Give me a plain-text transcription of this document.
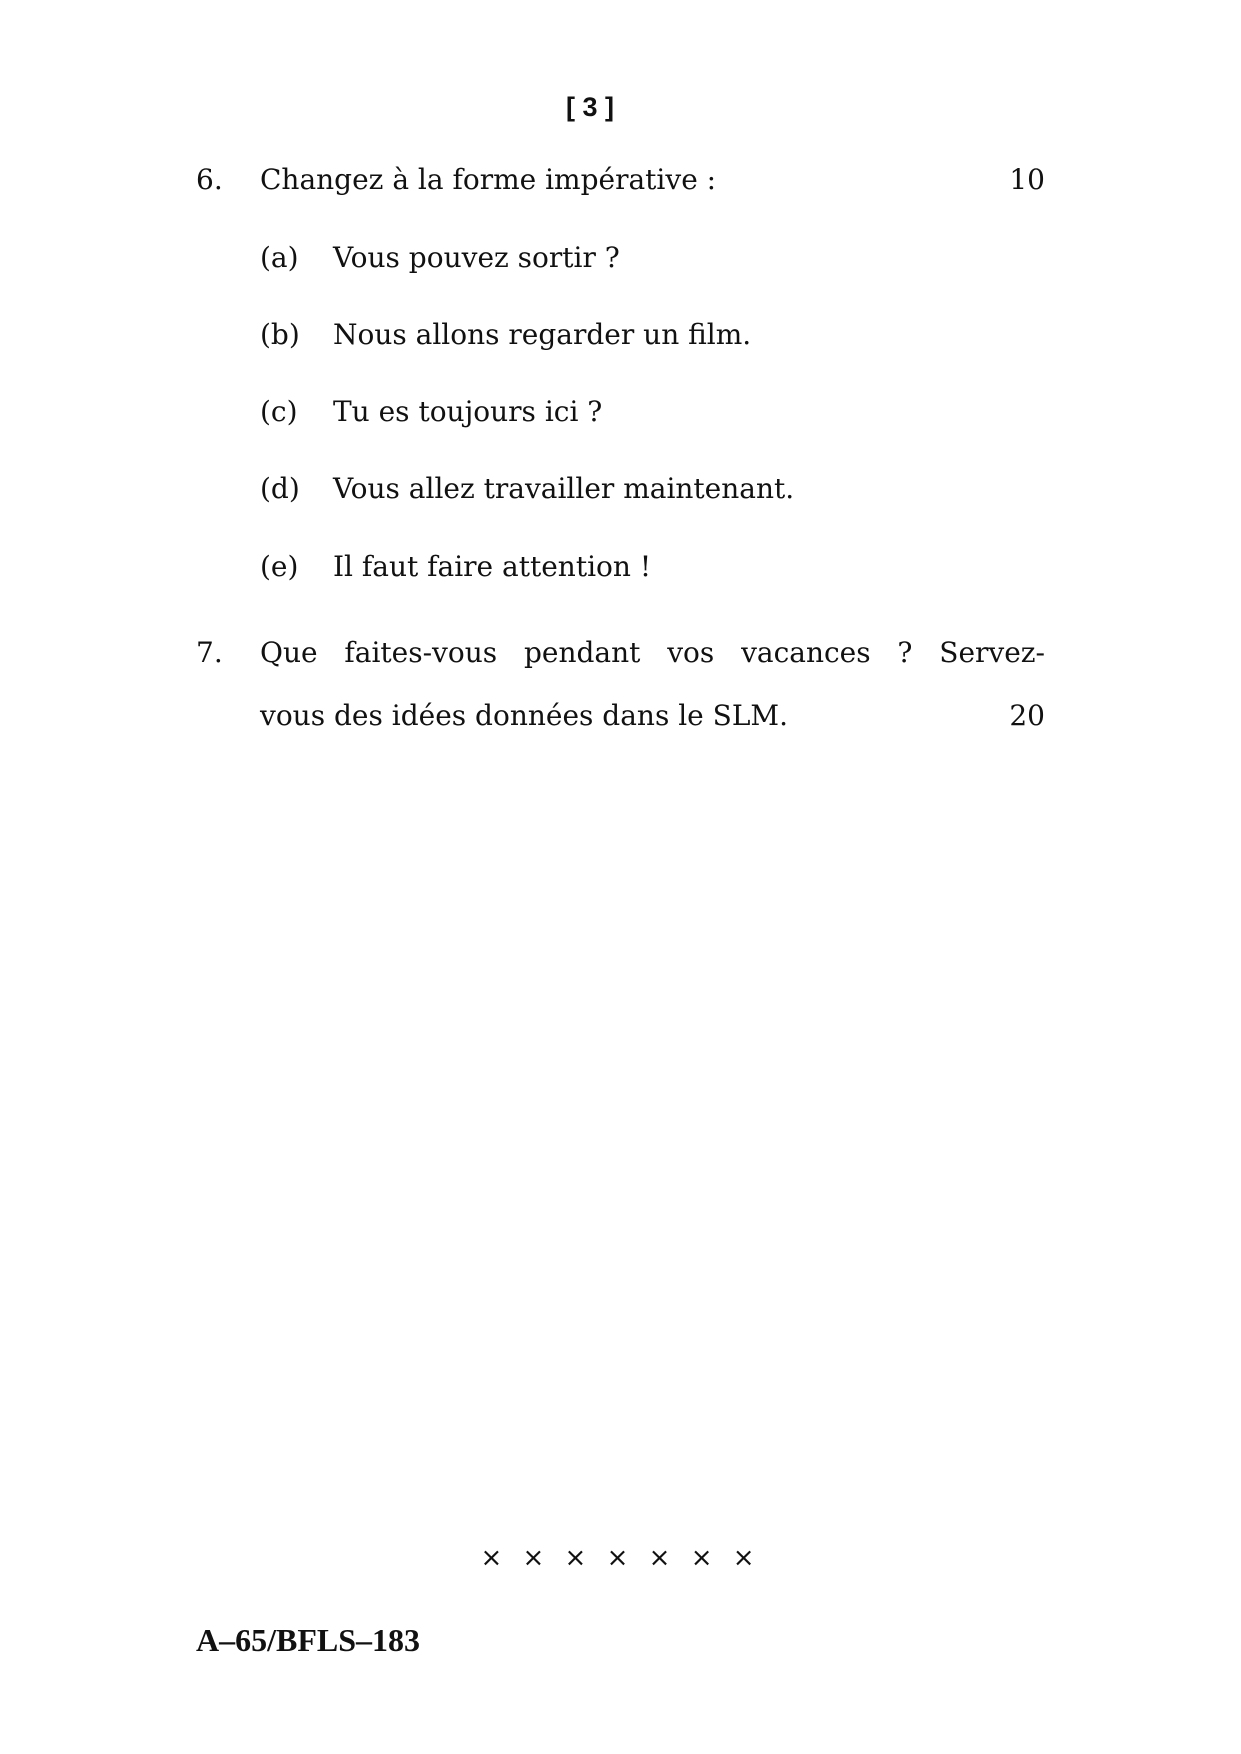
[ 3 ]
6. Changez à la forme impérative :	10
(a) Vous pouvez sortir ?
(b) Nous allons regarder un film.
(c) Tu es toujours ici ?
(d) Vous allez travailler maintenant.
(e) Il faut faire attention !
7. Que faites-vous pendant vos vacances ? Servez-
vous des idées données dans le SLM.	20
× × × × × × ×
A–65/BFLS–183
